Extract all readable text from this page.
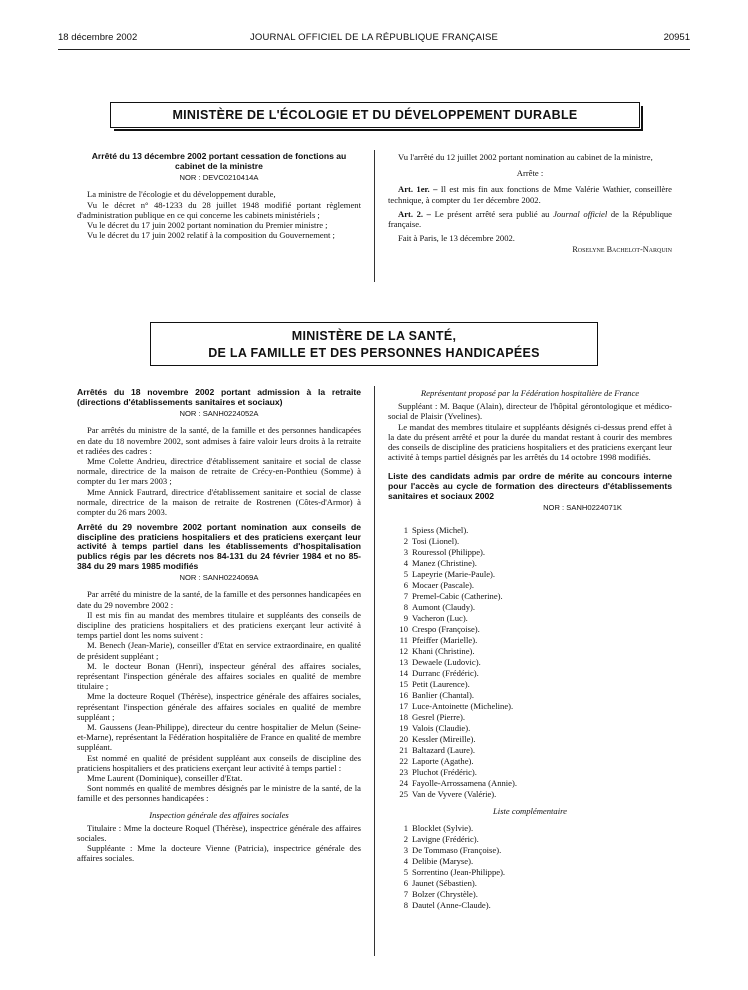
18 décembre 2002	JOURNAL OFFICIEL DE LA RÉPUBLIQUE FRANÇAISE	20951
MINISTÈRE DE L'ÉCOLOGIE ET DU DÉVELOPPEMENT DURABLE
Arrêté du 13 décembre 2002 portant cessation de fonctions au cabinet de la ministre
NOR : DEVC0210414A

La ministre de l'écologie et du développement durable,

Vu le décret n° 48-1233 du 28 juillet 1948 modifié portant règlement d'administration publique en ce qui concerne les cabinets ministériels ;

Vu le décret du 17 juin 2002 portant nomination du Premier ministre ;

Vu le décret du 17 juin 2002 relatif à la composition du Gouvernement ;

Vu l'arrêté du 12 juillet 2002 portant nomination au cabinet de la ministre,

Arrête :

Art. 1er. – Il est mis fin aux fonctions de Mme Valérie Wathier, conseillère technique, à compter du 1er décembre 2002.

Art. 2. – Le présent arrêté sera publié au Journal officiel de la République française.

Fait à Paris, le 13 décembre 2002.

Roselyne Bachelot-Narquin
MINISTÈRE DE LA SANTÉ,
DE LA FAMILLE ET DES PERSONNES HANDICAPÉES
Arrêtés du 18 novembre 2002 portant admission à la retraite (directions d'établissements sanitaires et sociaux)
NOR : SANH0224052A

Par arrêtés du ministre de la santé, de la famille et des personnes handicapées en date du 18 novembre 2002, sont admises à faire valoir leurs droits à la retraite et radiées des cadres :

Mme Colette Andrieu, directrice d'établissement sanitaire et social de classe normale, directrice de la maison de retraite de Crécy-en-Ponthieu (Somme) à compter du 1er mars 2003 ;

Mme Annick Fautrard, directrice d'établissement sanitaire et social de classe normale, directrice de la maison de retraite de Rostrenen (Côtes-d'Armor) à compter du 26 mars 2003.

Arrêté du 29 novembre 2002 portant nomination aux conseils de discipline des praticiens hospitaliers et des praticiens exerçant leur activité à temps partiel dans les établissements d'hospitalisation publics régis par les décrets nos 84-131 du 24 février 1984 et no 85-384 du 29 mars 1985 modifiés
NOR : SANH0224069A

Par arrêté du ministre de la santé, de la famille et des personnes handicapées en date du 29 novembre 2002 :

Il est mis fin au mandat des membres titulaire et suppléants des conseils de discipline des praticiens hospitaliers et des praticiens exerçant leur activité à temps partiel dont les noms suivent :

M. Benech (Jean-Marie), conseiller d'Etat en service extraordinaire, en qualité de président suppléant ;

M. le docteur Bonan (Henri), inspecteur général des affaires sociales, représentant l'inspection générale des affaires sociales en qualité de membre titulaire ;

Mme la docteure Roquel (Thérèse), inspectrice générale des affaires sociales, représentant l'inspection générale des affaires sociales en qualité de membre suppléant ;

M. Gaussens (Jean-Philippe), directeur du centre hospitalier de Melun (Seine-et-Marne), représentant la Fédération hospitalière de France en qualité de membre suppléant.

Est nommé en qualité de président suppléant aux conseils de discipline des praticiens hospitaliers et des praticiens exerçant leur activité à temps partiel :

Mme Laurent (Dominique), conseiller d'Etat.

Sont nommés en qualité de membres désignés par le ministre de la santé, de la famille et des personnes handicapées :

Inspection générale des affaires sociales

Titulaire : Mme la docteure Roquel (Thérèse), inspectrice générale des affaires sociales.

Suppléante : Mme la docteure Vienne (Patricia), inspectrice générale des affaires sociales.

Représentant proposé par la Fédération hospitalière de France

Suppléant : M. Baque (Alain), directeur de l'hôpital gérontologique et médico-social de Plaisir (Yvelines).

Le mandat des membres titulaire et suppléants désignés ci-dessus prend effet à la date du présent arrêté et pour la durée du mandat restant à courir des membres des conseils de discipline des praticiens hospitaliers et des praticiens exerçant leur activité à temps partiel désignés par les arrêtés du 14 octobre 1998 modifiés.

Liste des candidats admis par ordre de mérite au concours interne pour l'accès au cycle de formation des directeurs d'établissements sanitaires et sociaux 2002
NOR : SANH0224071K
1 Spiess (Michel).
2 Tosi (Lionel).
3 Rouressol (Philippe).
4 Manez (Christine).
5 Lapeyrie (Marie-Paule).
6 Mocaer (Pascale).
7 Premel-Cabic (Catherine).
8 Aumont (Claudy).
9 Vacheron (Luc).
10 Crespo (Françoise).
11 Pfeiffer (Marielle).
12 Khani (Christine).
13 Dewaele (Ludovic).
14 Durranc (Frédéric).
15 Petit (Laurence).
16 Banlier (Chantal).
17 Luce-Antoinette (Micheline).
18 Gesrel (Pierre).
19 Valois (Claudie).
20 Kessler (Mireille).
21 Baltazard (Laure).
22 Laporte (Agathe).
23 Pluchot (Frédéric).
24 Fayolle-Arrossamena (Annie).
25 Van de Vyvere (Valérie).

Liste complémentaire

1 Blocklet (Sylvie).
2 Lavigne (Frédéric).
3 De Tommaso (Françoise).
4 Delibie (Maryse).
5 Sorrentino (Jean-Philippe).
6 Jaunet (Sébastien).
7 Bolzer (Chrystèle).
8 Dautel (Anne-Claude).
